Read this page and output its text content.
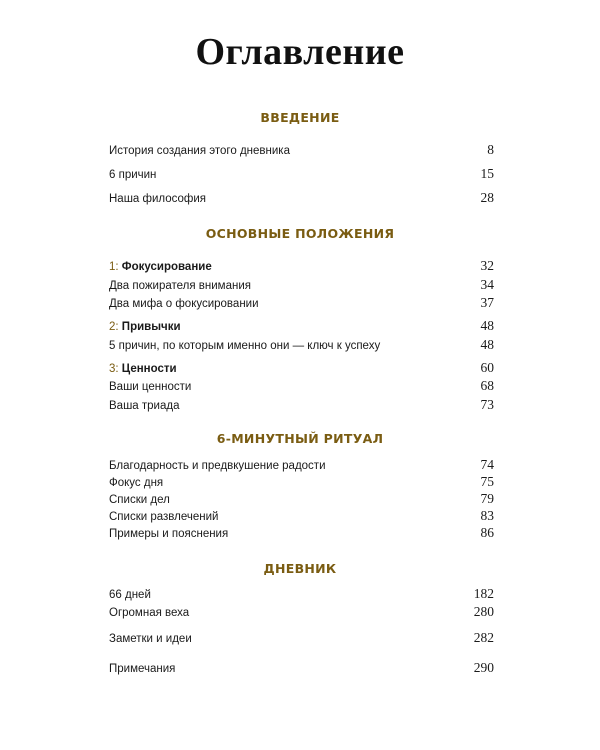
Оглавление
ВВЕДЕНИЕ
История создания этого дневника	8
6 причин	15
Наша философия	28
ОСНОВНЫЕ ПОЛОЖЕНИЯ
1: Фокусирование	32
Два пожирателя внимания	34
Два мифа о фокусировании	37
2: Привычки	48
5 причин, по которым именно они — ключ к успеху	48
3: Ценности	60
Ваши ценности	68
Ваша триада	73
6-МИНУТНЫЙ РИТУАЛ
Благодарность и предвкушение радости	74
Фокус дня	75
Списки дел	79
Списки развлечений	83
Примеры и пояснения	86
ДНЕВНИК
66 дней	182
Огромная веха	280
Заметки и идеи	282
Примечания	290
